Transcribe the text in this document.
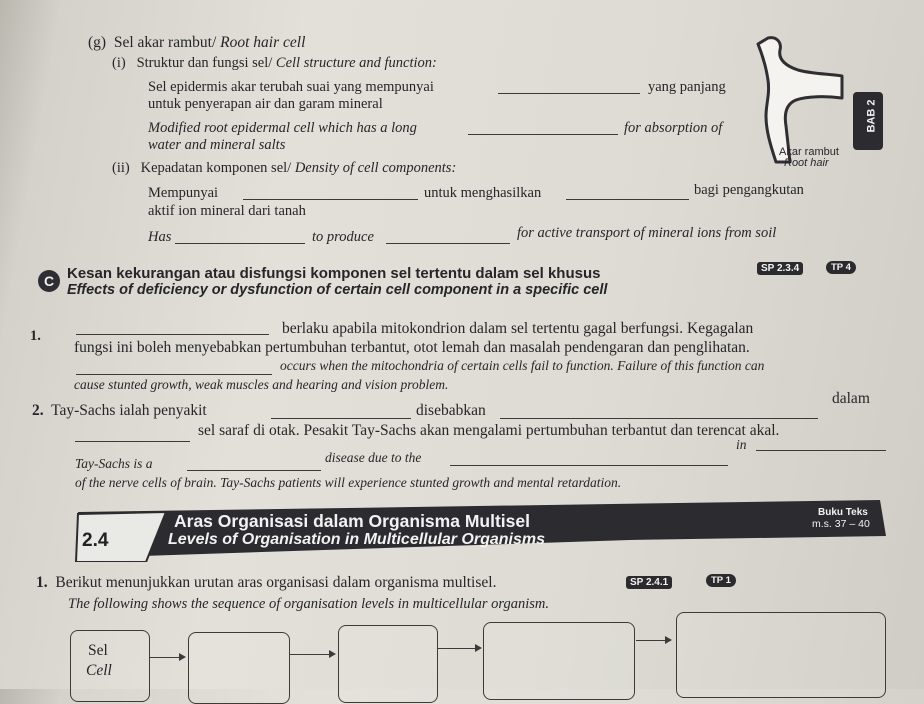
(g) Sel akar rambut/ Root hair cell
(i) Struktur dan fungsi sel/ Cell structure and function:
Sel epidermis akar terubah suai yang mempunyai	yang panjang
untuk penyerapan air dan garam mineral
Modified root epidermal cell which has a long	for absorption of
water and mineral salts	Akar rambut
Root hair
BAB 2
(ii) Kepadatan komponen sel/ Density of cell components:
Mempunyai	untuk menghasilkan	bagi pengangkutan
aktif ion mineral dari tanah
Has	to produce	for active transport of mineral ions from soil
C Kesan kekurangan atau disfungsi komponen sel tertentu dalam sel khusus	SP 2.3.4	TP 4
Effects of deficiency or dysfunction of certain cell component in a specific cell
1.	berlaku apabila mitokondrion dalam sel tertentu gagal berfungsi. Kegagalan
fungsi ini boleh menyebabkan pertumbuhan terbantut, otot lemah dan masalah pendengaran dan penglihatan.
occurs when the mitochondria of certain cells fail to function. Failure of this function can
cause stunted growth, weak muscles and hearing and vision problem.
2. Tay-Sachs ialah penyakit	disebabkan
dalam
sel saraf di otak. Pesakit Tay-Sachs akan mengalami pertumbuhan terbantut dan terencat akal.
Tay-Sachs is a	disease due to the
in
of the nerve cells of brain. Tay-Sachs patients will experience stunted growth and mental retardation.
2.4
Aras Organisasi dalam Organisma Multisel
Levels of Organisation in Multicellular Organisms
Buku Teks
m.s. 37 – 40
1. Berikut menunjukkan urutan aras organisasi dalam organisma multisel.	SP 2.4.1	TP 1
The following shows the sequence of organisation levels in multicellular organism.
Sel
Cell
